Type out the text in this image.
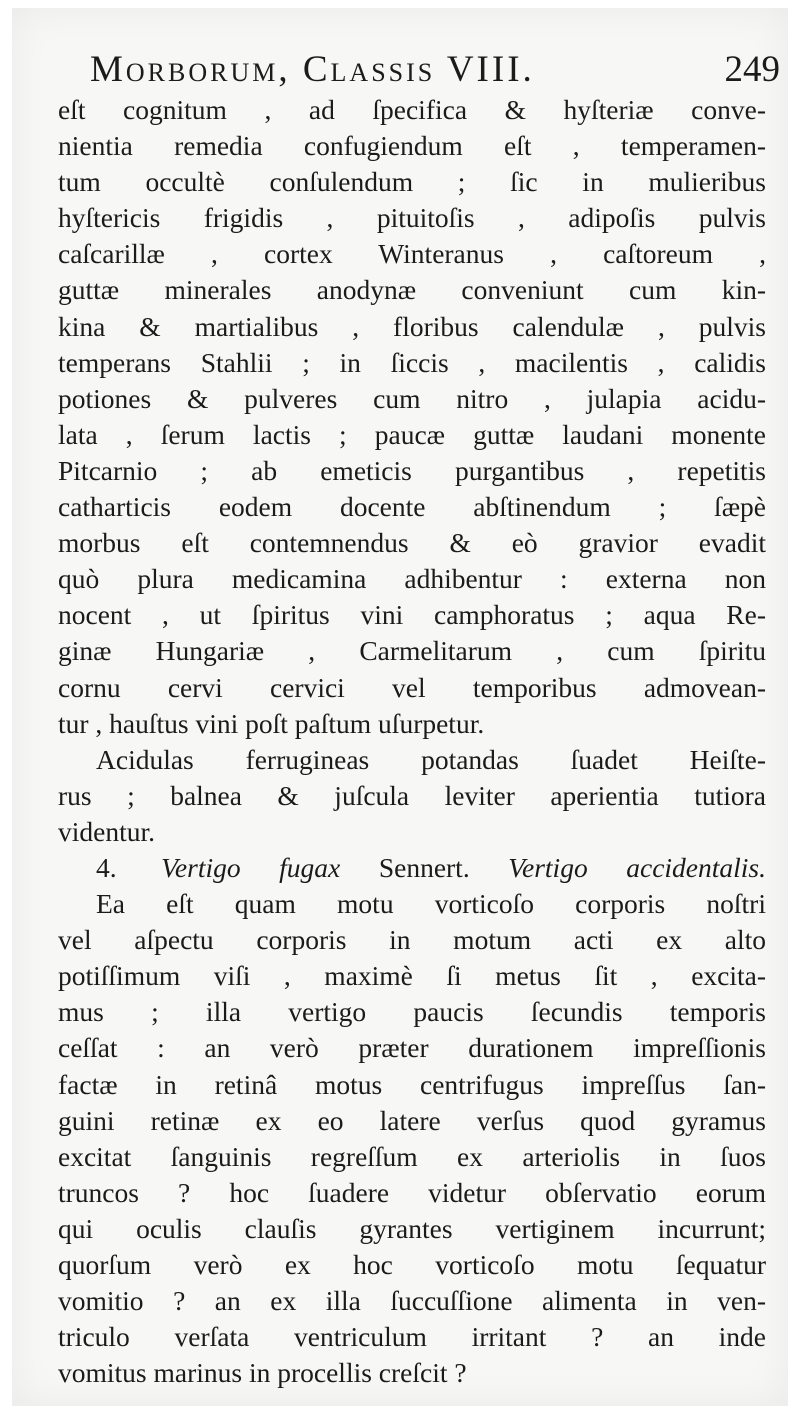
Morborum, Classis VIII.	249
eſt cognitum , ad ſpecifica & hyſteriæ conve-
nientia remedia confugiendum eſt , temperamen-
tum occultè conſulendum ; ſic in mulieribus
hyſtericis frigidis , pituitoſis , adipoſis pulvis
caſcarillæ , cortex Winteranus , caſtoreum ,
guttæ minerales anodynæ conveniunt cum kin-
kina & martialibus , floribus calendulæ , pulvis
temperans Stahlii ; in ſiccis , macilentis , calidis
potiones & pulveres cum nitro , julapia acidu-
lata , ſerum lactis ; paucæ guttæ laudani monente
Pitcarnio ; ab emeticis purgantibus , repetitis
catharticis eodem docente abſtinendum ; ſæpè
morbus eſt contemnendus & eò gravior evadit
quò plura medicamina adhibentur : externa non
nocent , ut ſpiritus vini camphoratus ; aqua Re-
ginæ Hungariæ , Carmelitarum , cum ſpiritu
cornu cervi cervici vel temporibus admovean-
tur , hauſtus vini poſt paſtum uſurpetur.
Acidulas ferrugineas potandas ſuadet Heiſte-
rus ; balnea & juſcula leviter aperientia tutiora
videntur.
4. Vertigo fugax Sennert. Vertigo accidentalis.
Ea eſt quam motu vorticoſo corporis noſtri
vel aſpectu corporis in motum acti ex alto
potiſſimum viſi , maximè ſi metus ſit , excita-
mus ; illa vertigo paucis ſecundis temporis
ceſſat : an verò præter durationem impreſſionis
factæ in retinâ motus centrifugus impreſſus ſan-
guini retinæ ex eo latere verſus quod gyramus
excitat ſanguinis regreſſum ex arteriolis in ſuos
truncos ? hoc ſuadere videtur obſervatio eorum
qui oculis clauſis gyrantes vertiginem incurrunt;
quorſum verò ex hoc vorticoſo motu ſequatur
vomitio ? an ex illa ſuccuſſione alimenta in ven-
triculo verſata ventriculum irritant ? an inde
vomitus marinus in procellis creſcit ?
